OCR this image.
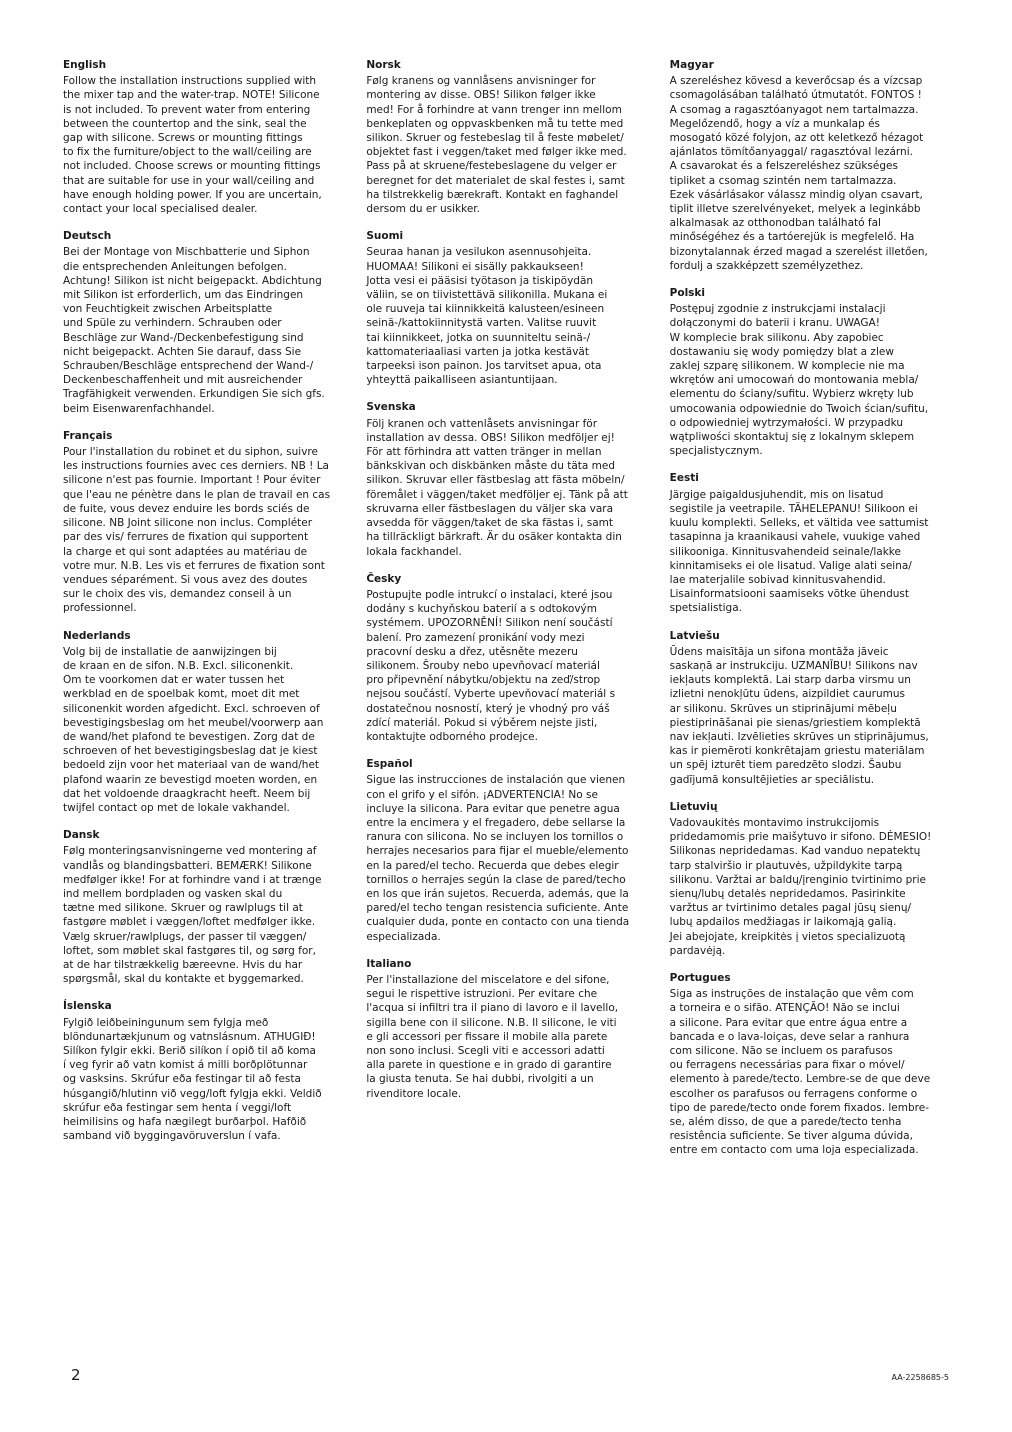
English

Follow the installation instructions supplied with
the mixer tap and the water-trap. NOTE! Silicone
is not included. To prevent water from entering
between the countertop and the sink, seal the
gap with silicone. Screws or mounting fittings
to fix the furniture/object to the wall/ceiling are
not included. Choose screws or mounting fittings
that are suitable for use in your wall/ceiling and
have enough holding power. If you are uncertain,
contact your local specialised dealer.

Deutsch

Bei der Montage von Mischbatterie und Siphon
die entsprechenden Anleitungen befolgen.
Achtung! Silikon ist nicht beigepackt. Abdichtung
mit Silikon ist erforderlich, um das Eindringen
von Feuchtigkeit zwischen Arbeitsplatte
und Spüle zu verhindern. Schrauben oder
Beschläge zur Wand-/Deckenbefestigung sind
nicht beigepackt. Achten Sie darauf, dass Sie
Schrauben/Beschläge entsprechend der Wand-/
Deckenbeschaffenheit und mit ausreichender
Tragfähigkeit verwenden. Erkundigen Sie sich gfs.
beim Eisenwarenfachhandel.

Français

Pour l'installation du robinet et du siphon, suivre
les instructions fournies avec ces derniers. NB ! La
silicone n'est pas fournie. Important ! Pour éviter
que l'eau ne pénètre dans le plan de travail en cas
de fuite, vous devez enduire les bords sciés de
silicone. NB Joint silicone non inclus. Compléter
par des vis/ ferrures de fixation qui supportent
la charge et qui sont adaptées au matériau de
votre mur. N.B. Les vis et ferrures de fixation sont
vendues séparément. Si vous avez des doutes
sur le choix des vis, demandez conseil à un
professionnel.

Nederlands

Volg bij de installatie de aanwijzingen bij
de kraan en de sifon. N.B. Excl. siliconenkit.
Om te voorkomen dat er water tussen het
werkblad en de spoelbak komt, moet dit met
siliconenkit worden afgedicht. Excl. schroeven of
bevestigingsbeslag om het meubel/voorwerp aan
de wand/het plafond te bevestigen. Zorg dat de
schroeven of het bevestigingsbeslag dat je kiest
bedoeld zijn voor het materiaal van de wand/het
plafond waarin ze bevestigd moeten worden, en
dat het voldoende draagkracht heeft. Neem bij
twijfel contact op met de lokale vakhandel.

Dansk

Følg monteringsanvisningerne ved montering af
vandlås og blandingsbatteri. BEMÆRK! Silikone
medfølger ikke! For at forhindre vand i at trænge
ind mellem bordpladen og vasken skal du
tætne med silikone. Skruer og rawlplugs til at
fastgøre møblet i væggen/loftet medfølger ikke.
Vælg skruer/rawlplugs, der passer til væggen/
loftet, som møblet skal fastgøres til, og sørg for,
at de har tilstrækkelig bæreevne. Hvis du har
spørgsmål, skal du kontakte et byggemarked.

Íslenska

Fylgið leiðbeiningunum sem fylgja með
blöndunartækjunum og vatnslásnum. ATHUGIÐ!
Silíkon fylgir ekki. Berið silíkon í opið til að koma
í veg fyrir að vatn komist á milli borðplötunnar
og vasksins. Skrúfur eða festingar til að festa
húsgangið/hlutinn við vegg/loft fylgja ekki. Veldið
skrúfur eða festingar sem henta í veggi/loft
heimilisins og hafa nægilegt burðarþol. Hafðið
samband við byggingavöruverslun í vafa.

Norsk

Følg kranens og vannlåsens anvisninger for
montering av disse. OBS! Silikon følger ikke
med! For å forhindre at vann trenger inn mellom
benkeplaten og oppvaskbenken må tu tette med
silikon. Skruer og festebeslag til å feste møbelet/
objektet fast i veggen/taket med følger ikke med.
Pass på at skruene/festebeslagene du velger er
beregnet for det materialet de skal festes i, samt
ha tilstrekkelig bærekraft. Kontakt en faghandel
dersom du er usikker.

Suomi

Seuraa hanan ja vesilukon asennusohjeita.
HUOMAA! Silikoni ei sisälly pakkaukseen!
Jotta vesi ei pääsisi työtason ja tiskipöydän
väliin, se on tiivistettävä silikonilla. Mukana ei
ole ruuveja tai kiinnikkeitä kalusteen/esineen
seinä-/kattokiinnitystä varten. Valitse ruuvit
tai kiinnikkeet, jotka on suunniteltu seinä-/
kattomateriaaliasi varten ja jotka kestävät
tarpeeksi ison painon. Jos tarvitset apua, ota
yhteyttä paikalliseen asiantuntijaan.

Svenska

Följ kranen och vattenlåsets anvisningar för
installation av dessa. OBS! Silikon medföljer ej!
För att förhindra att vatten tränger in mellan
bänkskivan och diskbänken måste du täta med
silikon. Skruvar eller fästbeslag att fästa möbeln/
föremålet i väggen/taket medföljer ej. Tänk på att
skruvarna eller fästbeslagen du väljer ska vara
avsedda för väggen/taket de ska fästas i, samt
ha tillräckligt bärkraft. Är du osäker kontakta din
lokala fackhandel.

Česky

Postupujte podle intrukcí o instalaci, které jsou
dodány s kuchyňskou baterií a s odtokovým
systémem. UPOZORNĚNÍ! Silikon není součástí
balení. Pro zamezení pronikání vody mezi
pracovní desku a dřez, utěsněte mezeru
silikonem. Šrouby nebo upevňovací materiál
pro připevnění nábytku/objektu na zeď/strop
nejsou součástí. Vyberte upevňovací materiál s
dostatečnou nosností, který je vhodný pro váš
zdící materiál. Pokud si výběrem nejste jisti,
kontaktujte odborného prodejce.

Español

Sigue las instrucciones de instalación que vienen
con el grifo y el sifón. ¡ADVERTENCIA! No se
incluye la silicona. Para evitar que penetre agua
entre la encimera y el fregadero, debe sellarse la
ranura con silicona. No se incluyen los tornillos o
herrajes necesarios para fijar el mueble/elemento
en la pared/el techo. Recuerda que debes elegir
tornillos o herrajes según la clase de pared/techo
en los que irán sujetos. Recuerda, además, que la
pared/el techo tengan resistencia suficiente. Ante
cualquier duda, ponte en contacto con una tienda
especializada.

Italiano

Per l'installazione del miscelatore e del sifone,
segui le rispettive istruzioni. Per evitare che
l'acqua si infiltri tra il piano di lavoro e il lavello,
sigilla bene con il silicone. N.B. Il silicone, le viti
e gli accessori per fissare il mobile alla parete
non sono inclusi. Scegli viti e accessori adatti
alla parete in questione e in grado di garantire
la giusta tenuta. Se hai dubbi, rivolgiti a un
rivenditore locale.

Magyar

A szereléshez kövesd a keverőcsap és a vízcsap
csomagolásában található útmutatót. FONTOS !
A csomag a ragasztóanyagot nem tartalmazza.
Megelőzendő, hogy a víz a munkalap és
mosogató közé folyjon, az ott keletkező hézagot
ajánlatos tömítőanyaggal/ ragasztóval lezárni.
A csavarokat és a felszereléshez szükséges
tipliket a csomag szintén nem tartalmazza.
Ezek vásárlásakor válassz mindig olyan csavart,
tiplit illetve szerelvényeket, melyek a leginkább
alkalmasak az otthonodban található fal
minőségéhez és a tartóerejük is megfelelő. Ha
bizonytalannak érzed magad a szerelést illetően,
fordulj a szakképzett személyzethez.

Polski

Postępuj zgodnie z instrukcjami instalacji
dołączonymi do baterii i kranu. UWAGA!
W komplecie brak silikonu. Aby zapobiec
dostawaniu się wody pomiędzy blat a zlew
zaklej szparę silikonem. W komplecie nie ma
wkrętów ani umocowań do montowania mebla/
elementu do ściany/sufitu. Wybierz wkręty lub
umocowania odpowiednie do Twoich ścian/sufitu,
o odpowiedniej wytrzymałości. W przypadku
wątpliwości skontaktuj się z lokalnym sklepem
specjalistycznym.

Eesti

Järgige paigaldusjuhendit, mis on lisatud
segistile ja veetrapile. TÄHELEPANU! Silikoon ei
kuulu komplekti. Selleks, et vältida vee sattumist
tasapinna ja kraanikausi vahele, vuukige vahed
silikooniga. Kinnitusvahendeid seinale/lakke
kinnitamiseks ei ole lisatud. Valige alati seina/
lae materjalile sobivad kinnitusvahendid.
Lisainformatsiooni saamiseks võtke ühendust
spetsialistiga.

Latviešu

Ūdens maisītāja un sifona montāža jāveic
saskaņā ar instrukciju. UZMANĪBU! Silikons nav
iekļauts komplektā. Lai starp darba virsmu un
izlietni nenokļūtu ūdens, aizpildiet caurumus
ar silikonu. Skrūves un stiprinājumi mēbeļu
piestiprināšanai pie sienas/griestiem komplektā
nav iekļauti. Izvēlieties skrūves un stiprinājumus,
kas ir piemēroti konkrētajam griestu materiālam
un spēj izturēt tiem paredzēto slodzi. Šaubu
gadījumā konsultējieties ar speciālistu.

Lietuvių

Vadovaukitės montavimo instrukcijomis
pridedamomis prie maišytuvo ir sifono. DĖMESIO!
Silikonas nepridedamas. Kad vanduo nepatektų
tarp stalviršio ir plautuvės, užpildykite tarpą
silikonu. Varžtai ar baldų/įrenginio tvirtinimo prie
sienų/lubų detalės nepridedamos. Pasirinkite
varžtus ar tvirtinimo detales pagal jūsų sienų/
lubų apdailos medžiagas ir laikomąją galią.
Jei abejojate, kreipkitės į vietos specializuotą
pardavėją.

Portugues

Siga as instruções de instalação que vêm com
a torneira e o sifão. ATENÇÃO! Não se inclui
a silicone. Para evitar que entre água entre a
bancada e o lava-loiças, deve selar a ranhura
com silicone. Não se incluem os parafusos
ou ferragens necessárias para fixar o móvel/
elemento à parede/tecto. Lembre-se de que deve
escolher os parafusos ou ferragens conforme o
tipo de parede/tecto onde forem fixados. lembre-
se, além disso, de que a parede/tecto tenha
resistência suficiente. Se tiver alguma dúvida,
entre em contacto com uma loja especializada.

2	AA-2258685-5
